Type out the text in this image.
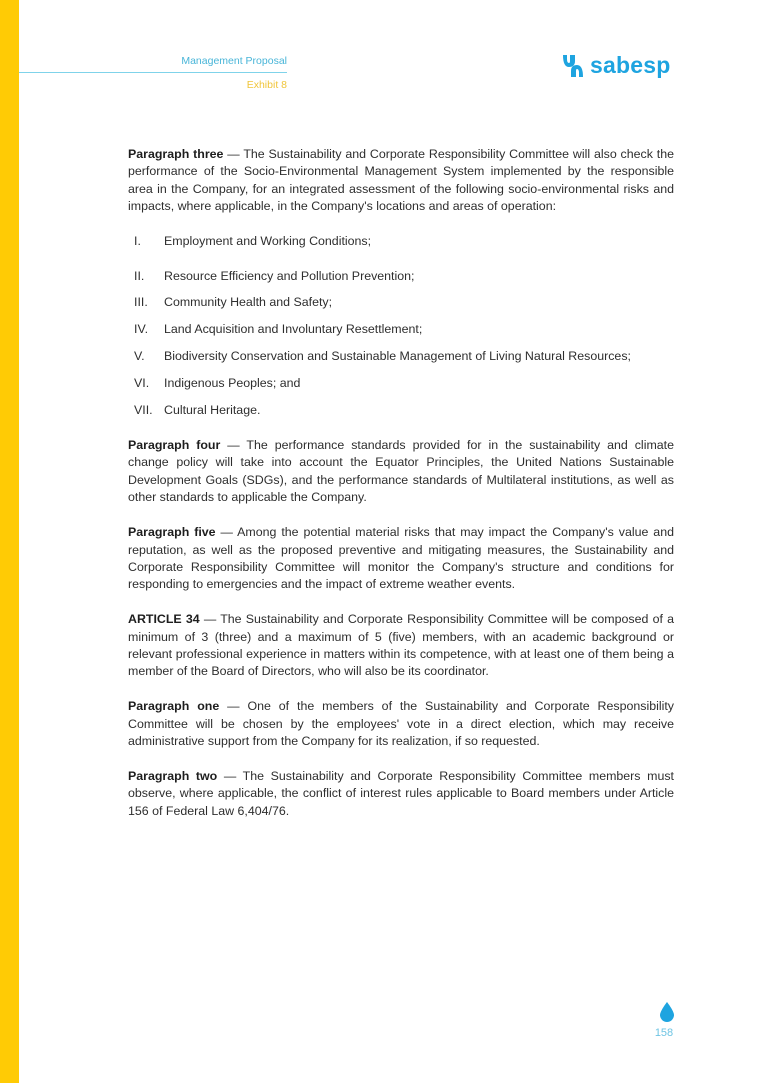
Management Proposal
Exhibit 8
sabesp

Paragraph three — The Sustainability and Corporate Responsibility Committee will also check the performance of the Socio-Environmental Management System implemented by the responsible area in the Company, for an integrated assessment of the following socio-environmental risks and impacts, where applicable, in the Company's locations and areas of operation:

I.	Employment and Working Conditions;
II.	Resource Efficiency and Pollution Prevention;
III.	Community Health and Safety;
IV.	Land Acquisition and Involuntary Resettlement;
V.	Biodiversity Conservation and Sustainable Management of Living Natural Resources;
VI.	Indigenous Peoples; and
VII. Cultural Heritage.

Paragraph four — The performance standards provided for in the sustainability and climate change policy will take into account the Equator Principles, the United Nations Sustainable Development Goals (SDGs), and the performance standards of Multilateral institutions, as well as other standards to applicable the Company.

Paragraph five — Among the potential material risks that may impact the Company's value and reputation, as well as the proposed preventive and mitigating measures, the Sustainability and Corporate Responsibility Committee will monitor the Company's structure and conditions for responding to emergencies and the impact of extreme weather events.

ARTICLE 34 — The Sustainability and Corporate Responsibility Committee will be composed of a minimum of 3 (three) and a maximum of 5 (five) members, with an academic background or relevant professional experience in matters within its competence, with at least one of them being a member of the Board of Directors, who will also be its coordinator.

Paragraph one — One of the members of the Sustainability and Corporate Responsibility Committee will be chosen by the employees' vote in a direct election, which may receive administrative support from the Company for its realization, if so requested.

Paragraph two — The Sustainability and Corporate Responsibility Committee members must observe, where applicable, the conflict of interest rules applicable to Board members under Article 156 of Federal Law 6,404/76.

158
